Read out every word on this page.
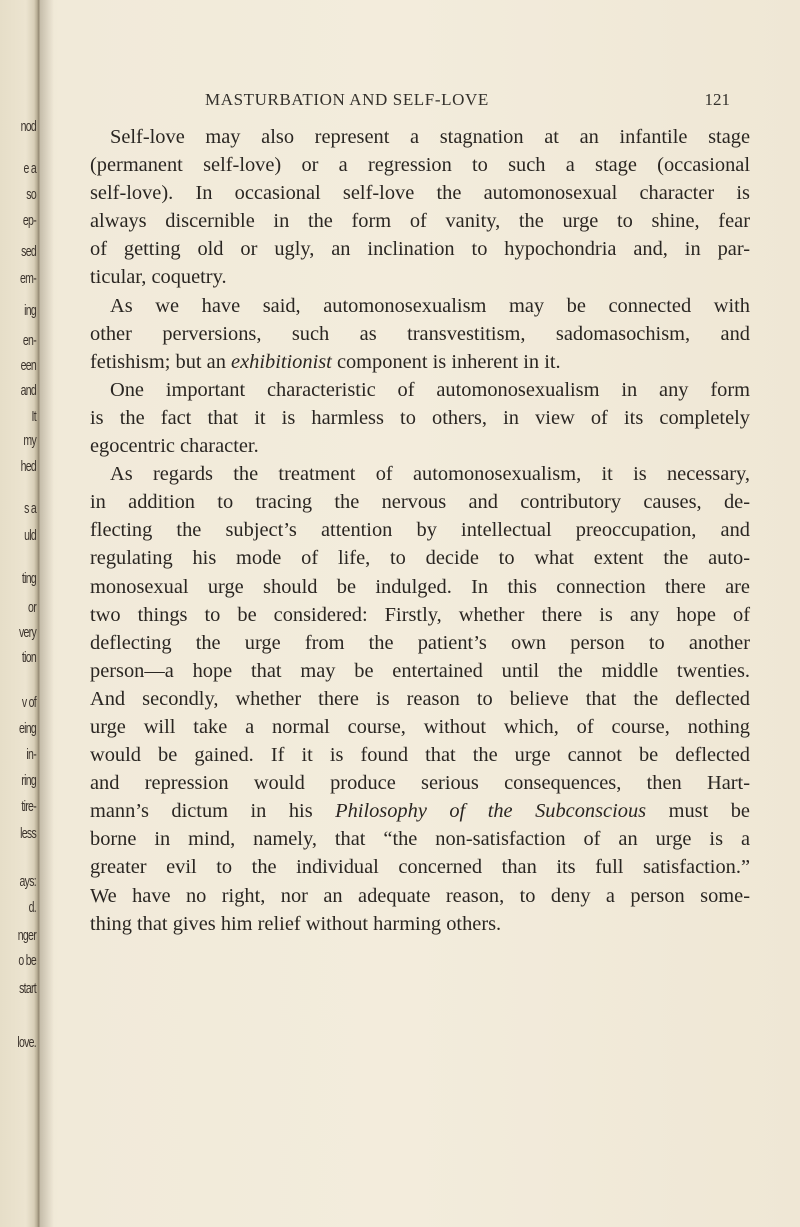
nod
e a
so
ep-
sed
em-
ing
en-
een
and
It
my
hed
s a
uld
ting
or
very
tion
v of
eing
in-
ring
tire-
less
ays:
d.
nger
o be
start
love.
MASTURBATION AND SELF-LOVE	121
Self-love may also represent a stagnation at an infantile stage
(permanent self-love) or a regression to such a stage (occasional
self-love). In occasional self-love the automonosexual character is
always discernible in the form of vanity, the urge to shine, fear
of getting old or ugly, an inclination to hypochondria and, in par-
ticular, coquetry.
As we have said, automonosexualism may be connected with
other perversions, such as transvestitism, sadomasochism, and
fetishism; but an exhibitionist component is inherent in it.
One important characteristic of automonosexualism in any form
is the fact that it is harmless to others, in view of its completely
egocentric character.
As regards the treatment of automonosexualism, it is necessary,
in addition to tracing the nervous and contributory causes, de-
flecting the subject’s attention by intellectual preoccupation, and
regulating his mode of life, to decide to what extent the auto-
monosexual urge should be indulged. In this connection there are
two things to be considered: Firstly, whether there is any hope of
deflecting the urge from the patient’s own person to another
person—a hope that may be entertained until the middle twenties.
And secondly, whether there is reason to believe that the deflected
urge will take a normal course, without which, of course, nothing
would be gained. If it is found that the urge cannot be deflected
and repression would produce serious consequences, then Hart-
mann’s dictum in his Philosophy of the Subconscious must be
borne in mind, namely, that “the non-satisfaction of an urge is a
greater evil to the individual concerned than its full satisfaction.”
We have no right, nor an adequate reason, to deny a person some-
thing that gives him relief without harming others.
